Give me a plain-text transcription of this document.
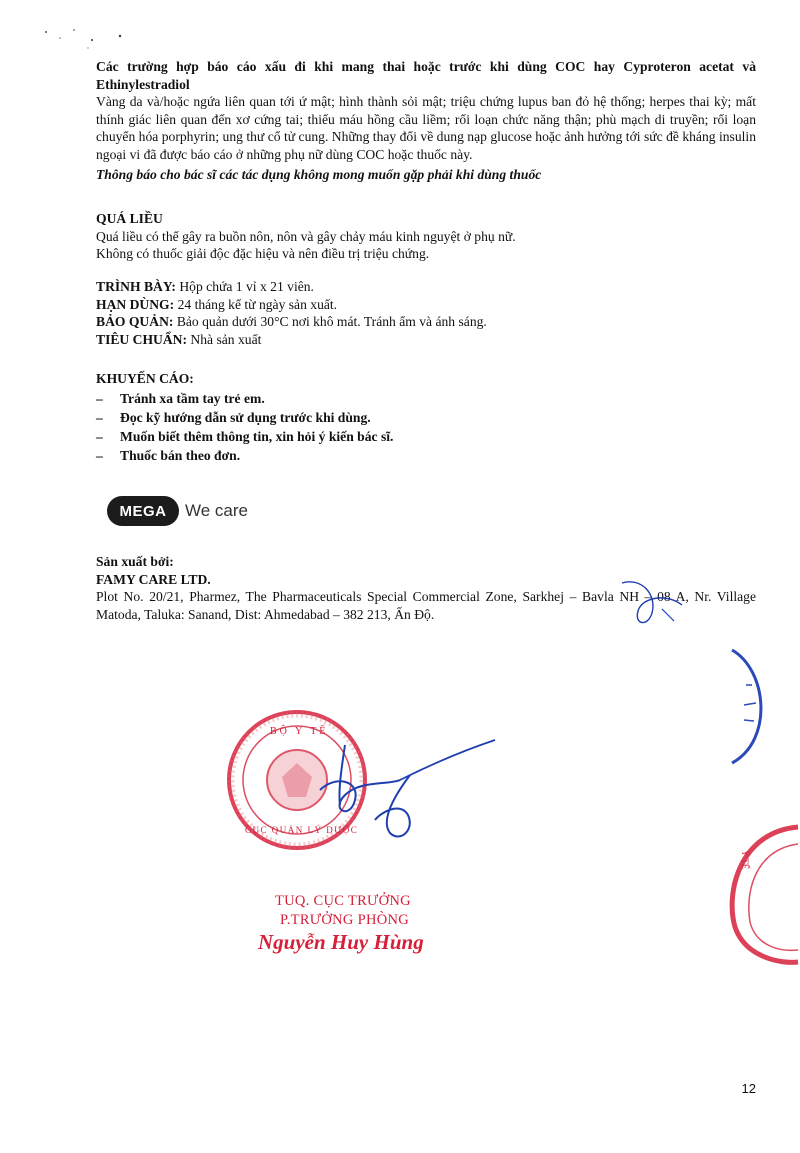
Các trường hợp báo cáo xấu đi khi mang thai hoặc trước khi dùng COC hay Cyproteron acetat và Ethinylestradiol
Vàng da và/hoặc ngứa liên quan tới ứ mật; hình thành sỏi mật; triệu chứng lupus ban đỏ hệ thống; herpes thai kỳ; mất thính giác liên quan đến xơ cứng tai; thiếu máu hồng cầu liềm; rối loạn chức năng thận; phù mạch di truyền; rối loạn chuyển hóa porphyrin; ung thư cổ tử cung. Những thay đổi về dung nạp glucose hoặc ảnh hưởng tới sức đề kháng insulin ngoại vi đã được báo cáo ở những phụ nữ dùng COC hoặc thuốc này.
Thông báo cho bác sĩ các tác dụng không mong muốn gặp phải khi dùng thuốc
QUÁ LIỀU
Quá liều có thể gây ra buồn nôn, nôn và gây chảy máu kinh nguyệt ở phụ nữ.
Không có thuốc giải độc đặc hiệu và nên điều trị triệu chứng.
TRÌNH BÀY: Hộp chứa 1 vỉ x 21 viên.
HẠN DÙNG: 24 tháng kể từ ngày sản xuất.
BẢO QUẢN: Bảo quản dưới 30°C nơi khô mát. Tránh ẩm và ánh sáng.
TIÊU CHUẨN: Nhà sản xuất
KHUYẾN CÁO:
– Tránh xa tầm tay trẻ em.
– Đọc kỹ hướng dẫn sử dụng trước khi dùng.
– Muốn biết thêm thông tin, xin hỏi ý kiến bác sĩ.
– Thuốc bán theo đơn.
MEGA	We care
Sản xuất bởi:
FAMY CARE LTD.
Plot No. 20/21, Pharmez, The Pharmaceuticals Special Commercial Zone, Sarkhej – Bavla NH – 08 A, Nr. Village Matoda, Taluka: Sanand, Dist: Ahmedabad – 382 213, Ấn Độ.
BỘ Y TẾ
CỤC QUẢN LÝ DƯỢC
Y TẾ
TUQ. CỤC TRƯỞNG
P.TRƯỞNG PHÒNG
Nguyễn Huy Hùng
12
